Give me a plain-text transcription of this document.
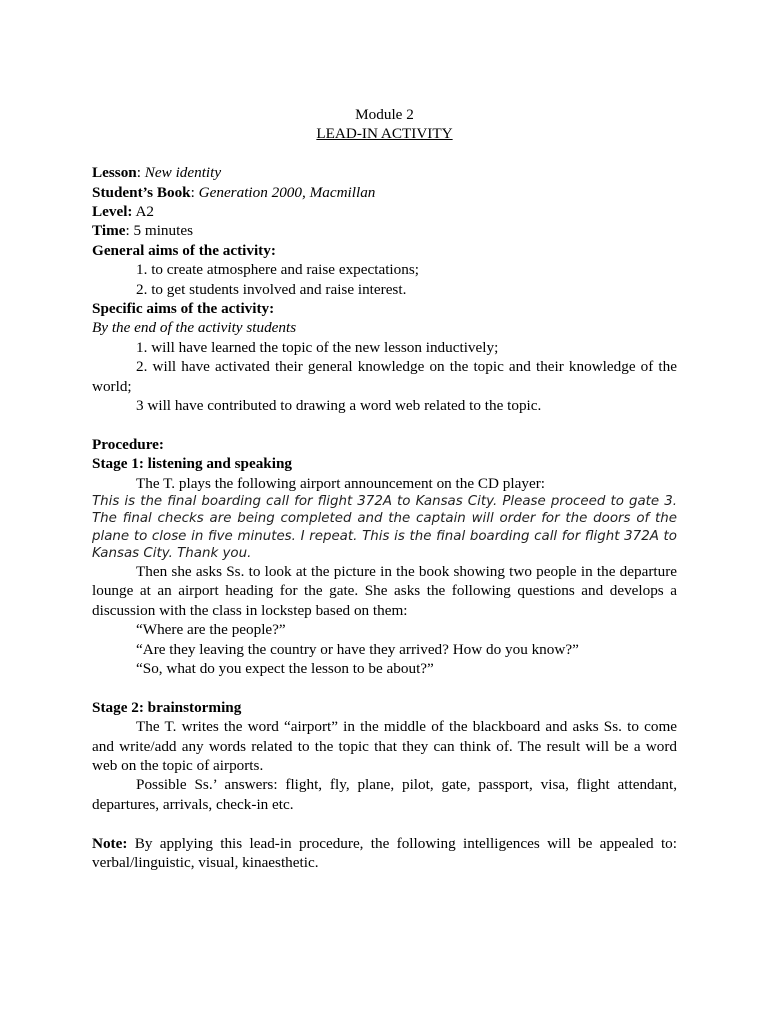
Module 2
LEAD-IN ACTIVITY
Lesson: New identity
Student’s Book: Generation 2000, Macmillan
Level: A2
Time: 5 minutes
General aims of the activity:
1. to create atmosphere and raise expectations;
2. to get students involved and raise interest.
Specific aims of the activity:
By the end of the activity students
1. will have learned the topic of the new lesson inductively;
2. will have activated their general knowledge on the topic and their knowledge of the world;
3 will have contributed to drawing a word web related to the topic.
Procedure:
Stage 1: listening and speaking
The T. plays the following airport announcement on the CD player:
This is the final boarding call for flight 372A to Kansas City. Please proceed to gate 3. The final checks are being completed and the captain will order for the doors of the plane to close in five minutes. I repeat. This is the final boarding call for flight 372A to Kansas City. Thank you.
Then she asks Ss. to look at the picture in the book showing two people in the departure lounge at an airport heading for the gate. She asks the following questions and develops a discussion with the class in lockstep based on them:
“Where are the people?”
“Are they leaving the country or have they arrived? How do you know?”
“So, what do you expect the lesson to be about?”
Stage 2: brainstorming
The T. writes the word “airport” in the middle of the blackboard and asks Ss. to come and write/add any words related to the topic that they can think of. The result will be a word web on the topic of airports.
Possible Ss.’ answers: flight, fly, plane, pilot, gate, passport, visa, flight attendant, departures, arrivals, check-in etc.
Note: By applying this lead-in procedure, the following intelligences will be appealed to: verbal/linguistic, visual, kinaesthetic.
